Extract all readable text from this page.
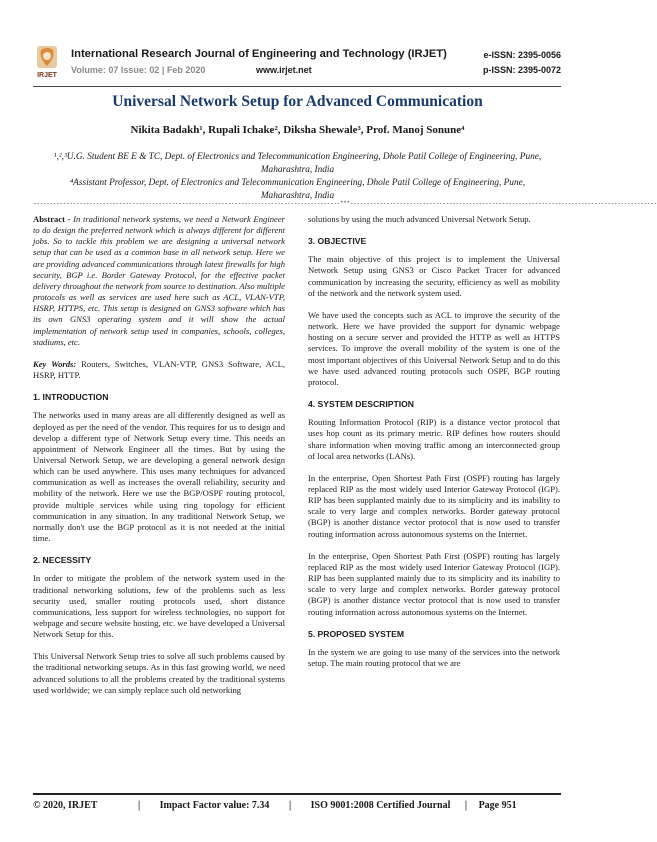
IRJET
International Research Journal of Engineering and Technology (IRJET)
Volume: 07 Issue: 02 | Feb 2020	www.irjet.net
e-ISSN: 2395-0056
p-ISSN: 2395-0072
Universal Network Setup for Advanced Communication
Nikita Badakh¹, Rupali Ichake², Diksha Shewale³, Prof. Manoj Sonune⁴
¹,²,³U.G. Student BE E & TC, Dept. of Electronics and Telecommunication Engineering, Dhole Patil College of Engineering, Pune, Maharashtra, India
⁴Assistant Professor, Dept. of Electronics and Telecommunication Engineering, Dhole Patil College of Engineering, Pune, Maharashtra, India
---------------------------------------------------------------------------------------------***---------------------------------------------------------------------------------------------

Abstract - In traditional network systems, we need a Network Engineer to do design the preferred network which is always different for different jobs. So to tackle this problem we are designing a universal network setup that can be used as a common base in all network setup. Here we are providing advanced communications through latest firewalls for high security, BGP i.e. Border Gateway Protocol, for the effective packet delivery throughout the network from source to destination. Also multiple protocols as well as services are used here such as ACL, VLAN-VTP, HSRP, HTTPS, etc. This setup is designed on GNS3 software which has its own GNS3 operating system and it will show the actual implementation of network setup used in companies, schools, colleges, stadiums, etc.

Key Words: Routers, Switches, VLAN-VTP, GNS3 Software, ACL, HSRP, HTTP.

1. INTRODUCTION

The networks used in many areas are all differently designed as well as deployed as per the need of the vendor. This requires for us to design and develop a different type of Network Setup every time. This needs an appointment of Network Engineer all the times. But by using the Universal Network Setup, we are developing a general network design which can be used anywhere. This uses many techniques for advanced communication as well as increases the overall reliability, security and mobility of the network. Here we use the BGP/OSPF routing protocol, provide multiple services while using ring topology for efficient communication in any situation. In any traditional Network Setup, we normally don't use the BGP protocol as it is not needed at the initial time.

2. NECESSITY

In order to mitigate the problem of the network system used in the traditional networking solutions, few of the problems such as less security used, smaller routing protocols used, short distance communications, less support for wireless technologies, no support for webpage and secure website hosting, etc. we have developed a Universal Network Setup for this.

This Universal Network Setup tries to solve all such problems caused by the traditional networking setups. As in this fast growing world, we need advanced solutions to all the problems created by the traditional systems used worldwide; we can simply replace such old networking

solutions by using the much advanced Universal Network Setup.

3. OBJECTIVE

The main objective of this project is to implement the Universal Network Setup using GNS3 or Cisco Packet Tracer for advanced communication by increasing the security, efficiency as well as mobility of the network and the network system used.

We have used the concepts such as ACL to improve the security of the network. Here we have provided the support for dynamic webpage hosting on a secure server and provided the HTTP as well as HTTPS services. To improve the overall mobility of the system is one of the most important objectives of this Universal Network Setup and to do this we have used advanced routing protocols such OSPF, BGP routing protocol.

4. SYSTEM DESCRIPTION

Routing Information Protocol (RIP) is a distance vector protocol that uses hop count as its primary metric. RIP defines how routers should share information when moving traffic among an interconnected group of local area networks (LANs).

In the enterprise, Open Shortest Path First (OSPF) routing has largely replaced RIP as the most widely used Interior Gateway Protocol (IGP). RIP has been supplanted mainly due to its simplicity and its inability to scale to very large and complex networks. Border gateway protocol (BGP) is another distance vector protocol that is now used to transfer routing information across autonomous systems on the Internet.

In the enterprise, Open Shortest Path First (OSPF) routing has largely replaced RIP as the most widely used Interior Gateway Protocol (IGP). RIP has been supplanted mainly due to its simplicity and its inability to scale to very large and complex networks. Border gateway protocol (BGP) is another distance vector protocol that is now used to transfer routing information across autonomous systems on the Internet.

5. PROPOSED SYSTEM

In the system we are going to use many of the services into the network setup. The main routing protocol that we are

© 2020, IRJET	| Impact Factor value: 7.34 | ISO 9001:2008 Certified Journal | Page 951
